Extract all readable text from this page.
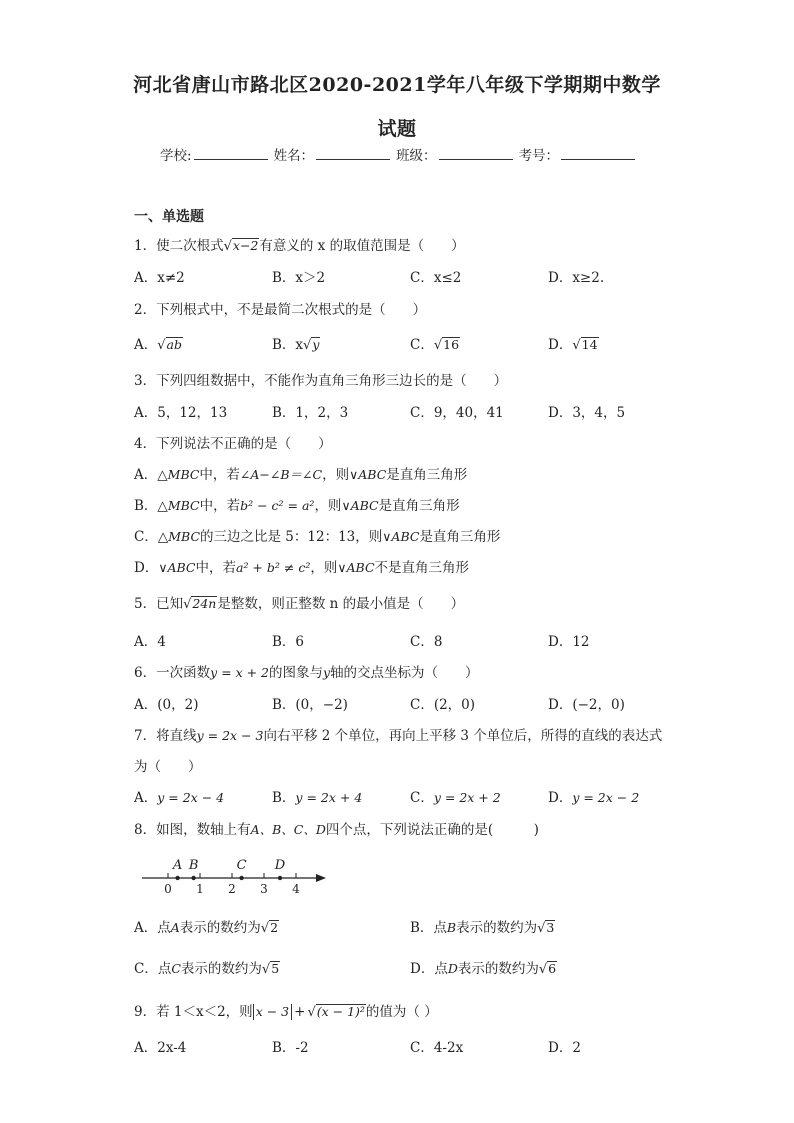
河北省唐山市路北区2020-2021学年八年级下学期期中数学
试题
学校:	姓名：	班级：	考号：
一、单选题
1．使二次根式√x−2有意义的 x 的取值范围是（　　）
A．x≠2	B．x＞2	C．x≤2	D．x≥2.
2．下列根式中，不是最简二次根式的是（　　）
A．√ab	B．x√y	C．√16	D．√14
3．下列四组数据中，不能作为直角三角形三边长的是（　　）
A．5，12，13	B．1，2，3	C．9，40，41	D．3，4，5
4．下列说法不正确的是（　　）
A．△MBC中，若∠A−∠B＝∠C，则∨ABC是直角三角形
B．△MBC中，若b² − c² = a²，则∨ABC是直角三角形
C．△MBC的三边之比是 5：12：13，则∨ABC是直角三角形
D．∨ABC中，若a² + b² ≠ c²，则∨ABC不是直角三角形
5．已知√24n是整数，则正整数 n 的最小值是（　　）
A．4	B．6	C．8	D．12
6．一次函数y = x + 2的图象与y轴的交点坐标为（　　）
A．(0，2)	B．(0，−2)	C．(2，0)	D．(−2，0)
7．将直线y = 2x − 3向右平移 2 个单位，再向上平移 3 个单位后，所得的直线的表达式
为（　　）
A．y = 2x − 4	B．y = 2x + 4	C．y = 2x + 2	D．y = 2x − 2
8．如图，数轴上有A、B、C、D四个点，下列说法正确的是(　　　)
0 1 2 3 4
A B	C D
A．点A表示的数约为√2	B．点B表示的数约为√3
C．点C表示的数约为√5	D．点D表示的数约为√6
9．若 1＜x＜2，则 x − 3 + √(x − 1)²的值为（ ）
A．2x-4	B．-2	C．4-2x	D．2
